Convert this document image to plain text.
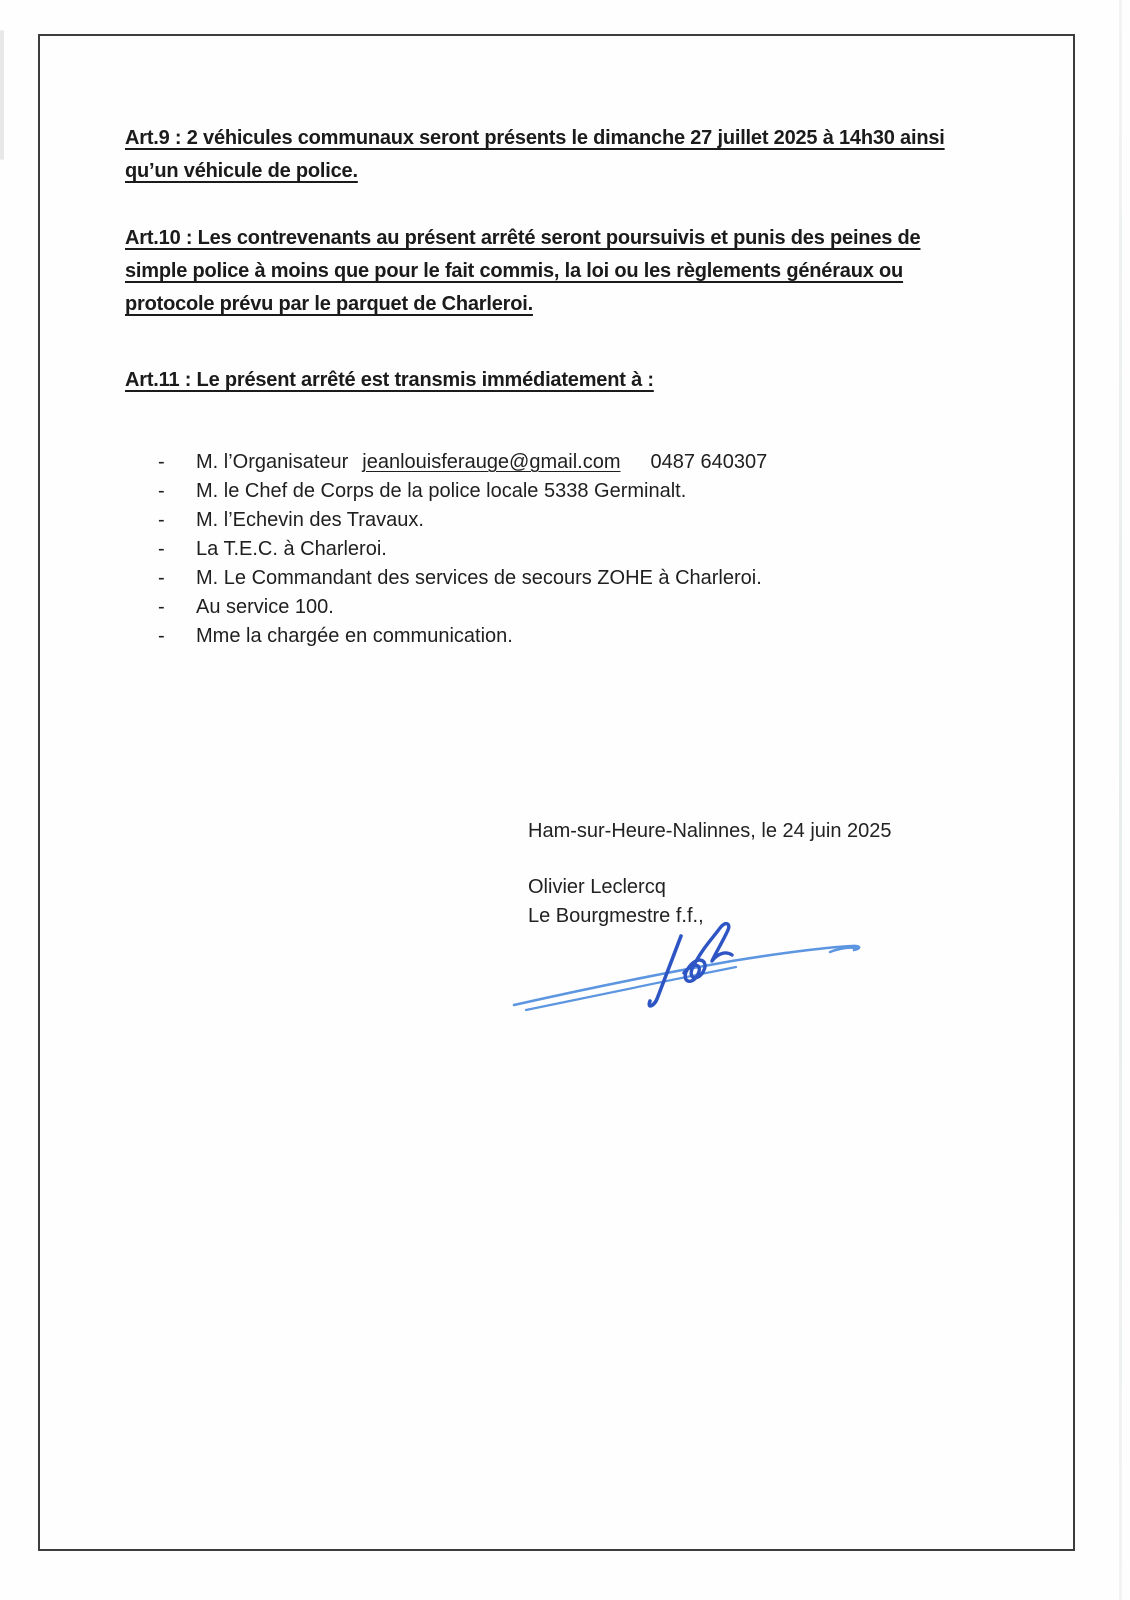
Art.9 : 2 véhicules communaux seront présents le dimanche 27 juillet 2025 à 14h30 ainsi
qu’un véhicule de police.
Art.10 : Les contrevenants au présent arrêté seront poursuivis et punis des peines de
simple police à moins que pour le fait commis, la loi ou les règlements généraux ou
protocole prévu par le parquet de Charleroi.
Art.11 : Le présent arrêté est transmis immédiatement à :
-	M. l’Organisateur jeanlouisferauge@gmail.com 0487 640307
-	M. le Chef de Corps de la police locale 5338 Germinalt.
-	M. l’Echevin des Travaux.
-	La T.E.C. à Charleroi.
-	M. Le Commandant des services de secours ZOHE à Charleroi.
-	Au service 100.
-	Mme la chargée en communication.
Ham-sur-Heure-Nalinnes, le 24 juin 2025
Olivier Leclercq
Le Bourgmestre f.f.,
